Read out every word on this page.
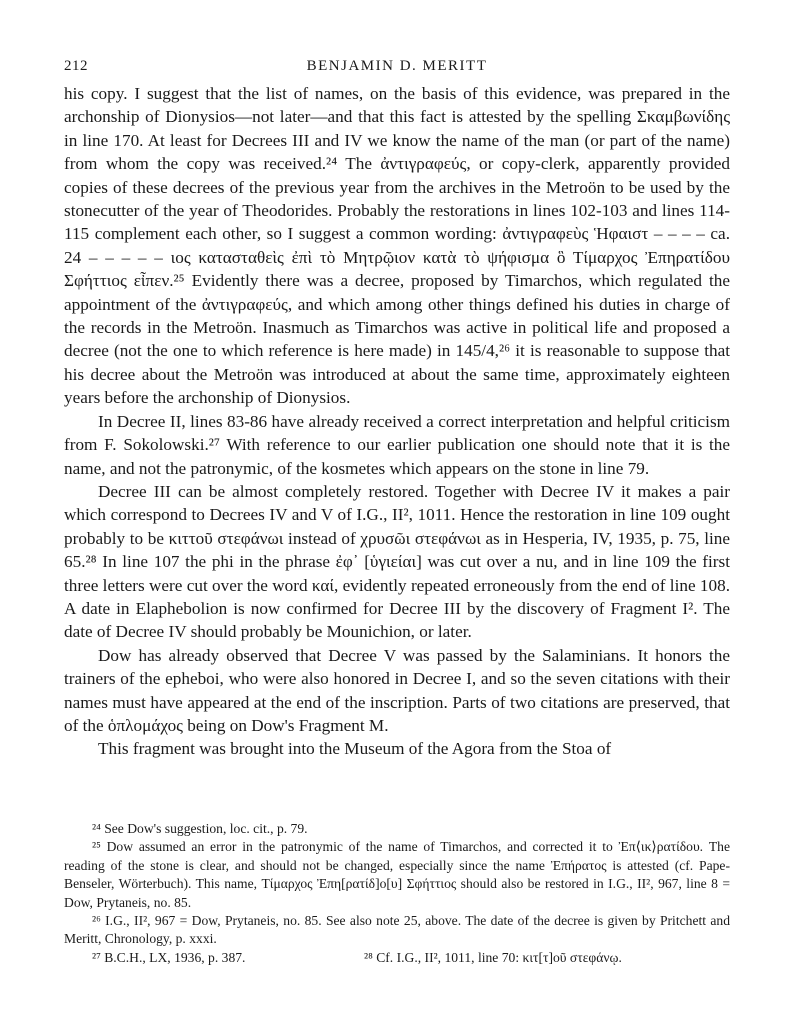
212	BENJAMIN D. MERITT

his copy. I suggest that the list of names, on the basis of this evidence, was prepared in the archonship of Dionysios—not later—and that this fact is attested by the spelling Σκαμβωνίδης in line 170. At least for Decrees III and IV we know the name of the man (or part of the name) from whom the copy was received.²⁴ The ἀντιγραφεύς, or copy-clerk, apparently provided copies of these decrees of the previous year from the archives in the Metroön to be used by the stonecutter of the year of Theodorides. Probably the restorations in lines 102-103 and lines 114-115 complement each other, so I suggest a common wording: ἀντιγραφεὺς Ἡφαιστ – – – – ca. 24 – – – – – ιος κατασταθεὶς ἐπὶ τὸ Μητρῷιον κατὰ τὸ ψήφισμα ὃ Τίμαρχος Ἐπηρατίδου Σφήττιος εἶπεν.²⁵ Evidently there was a decree, proposed by Timarchos, which regulated the appointment of the ἀντιγραφεύς, and which among other things defined his duties in charge of the records in the Metroön. Inasmuch as Timarchos was active in political life and proposed a decree (not the one to which reference is here made) in 145/4,²⁶ it is reasonable to suppose that his decree about the Metroön was introduced at about the same time, approximately eighteen years before the archonship of Dionysios.

In Decree II, lines 83-86 have already received a correct interpretation and helpful criticism from F. Sokolowski.²⁷ With reference to our earlier publication one should note that it is the name, and not the patronymic, of the kosmetes which appears on the stone in line 79.

Decree III can be almost completely restored. Together with Decree IV it makes a pair which correspond to Decrees IV and V of I.G., II², 1011. Hence the restoration in line 109 ought probably to be κιττοῦ στεφάνωι instead of χρυσῶι στεφάνωι as in Hesperia, IV, 1935, p. 75, line 65.²⁸ In line 107 the phi in the phrase ἐφ᾽ [ὑγιείαι] was cut over a nu, and in line 109 the first three letters were cut over the word καί, evidently repeated erroneously from the end of line 108. A date in Elaphebolion is now confirmed for Decree III by the discovery of Fragment I². The date of Decree IV should probably be Mounichion, or later.

Dow has already observed that Decree V was passed by the Salaminians. It honors the trainers of the epheboi, who were also honored in Decree I, and so the seven citations with their names must have appeared at the end of the inscription. Parts of two citations are preserved, that of the ὁπλομάχος being on Dow's Fragment M.

This fragment was brought into the Museum of the Agora from the Stoa of

²⁴ See Dow's suggestion, loc. cit., p. 79.

²⁵ Dow assumed an error in the patronymic of the name of Timarchos, and corrected it to Ἐπ⟨ικ⟩ρατίδου. The reading of the stone is clear, and should not be changed, especially since the name Ἐπήρατος is attested (cf. Pape-Benseler, Wörterbuch). This name, Τίμαρχος Ἐπη[ρατίδ]ο[υ] Σφήττιος should also be restored in I.G., II², 967, line 8 = Dow, Prytaneis, no. 85.

²⁶ I.G., II², 967 = Dow, Prytaneis, no. 85. See also note 25, above. The date of the decree is given by Pritchett and Meritt, Chronology, p. xxxi.

²⁷ B.C.H., LX, 1936, p. 387.	²⁸ Cf. I.G., II², 1011, line 70: κιτ[τ]οῦ στεφάνῳ.
